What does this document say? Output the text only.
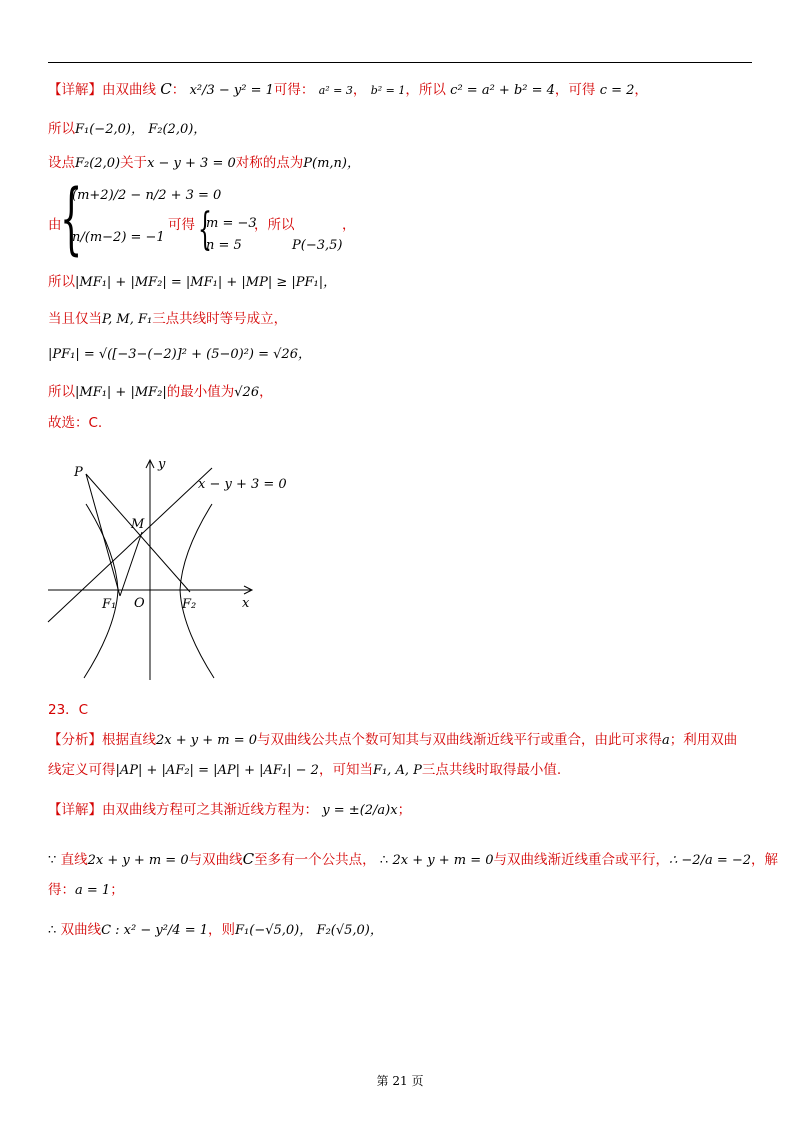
【详解】由双曲线 C： x²/3 − y² = 1可得： a² = 3， b² = 1，所以 c² = a² + b² = 4，可得 c = 2，
所以F₁(−2,0)， F₂(2,0)，
设点F₂(2,0)关于x − y + 3 = 0对称的点为P(m,n)，
由
{
(m+2)/2 − n/2 + 3 = 0
n/(m−2) = −1
可得 {
m = −3
n = 5
，所以
P(−3,5)
，
所以|MF₁| + |MF₂| = |MF₁| + |MP| ≥ |PF₁|，
当且仅当P, M, F₁三点共线时等号成立，
|PF₁| = √([−3−(−2)]² + (5−0)²) = √26，
所以|MF₁| + |MF₂|的最小值为√26，
故选：C.
P
M
y
x
O
F₁	F₂
x − y + 3 = 0
23．C
【分析】根据直线2x + y + m = 0与双曲线公共点个数可知其与双曲线渐近线平行或重合，由此可求得a；利用双曲
线定义可得|AP| + |AF₂| = |AP| + |AF₁| − 2，可知当F₁, A, P三点共线时取得最小值.
【详解】由双曲线方程可之其渐近线方程为： y = ±(2/a)x；
∵ 直线2x + y + m = 0与双曲线C至多有一个公共点， ∴ 2x + y + m = 0与双曲线渐近线重合或平行，∴ −2/a = −2，解
得：a = 1；
∴ 双曲线C : x² − y²/4 = 1，则F₁(−√5,0)， F₂(√5,0)，
第 21 页
